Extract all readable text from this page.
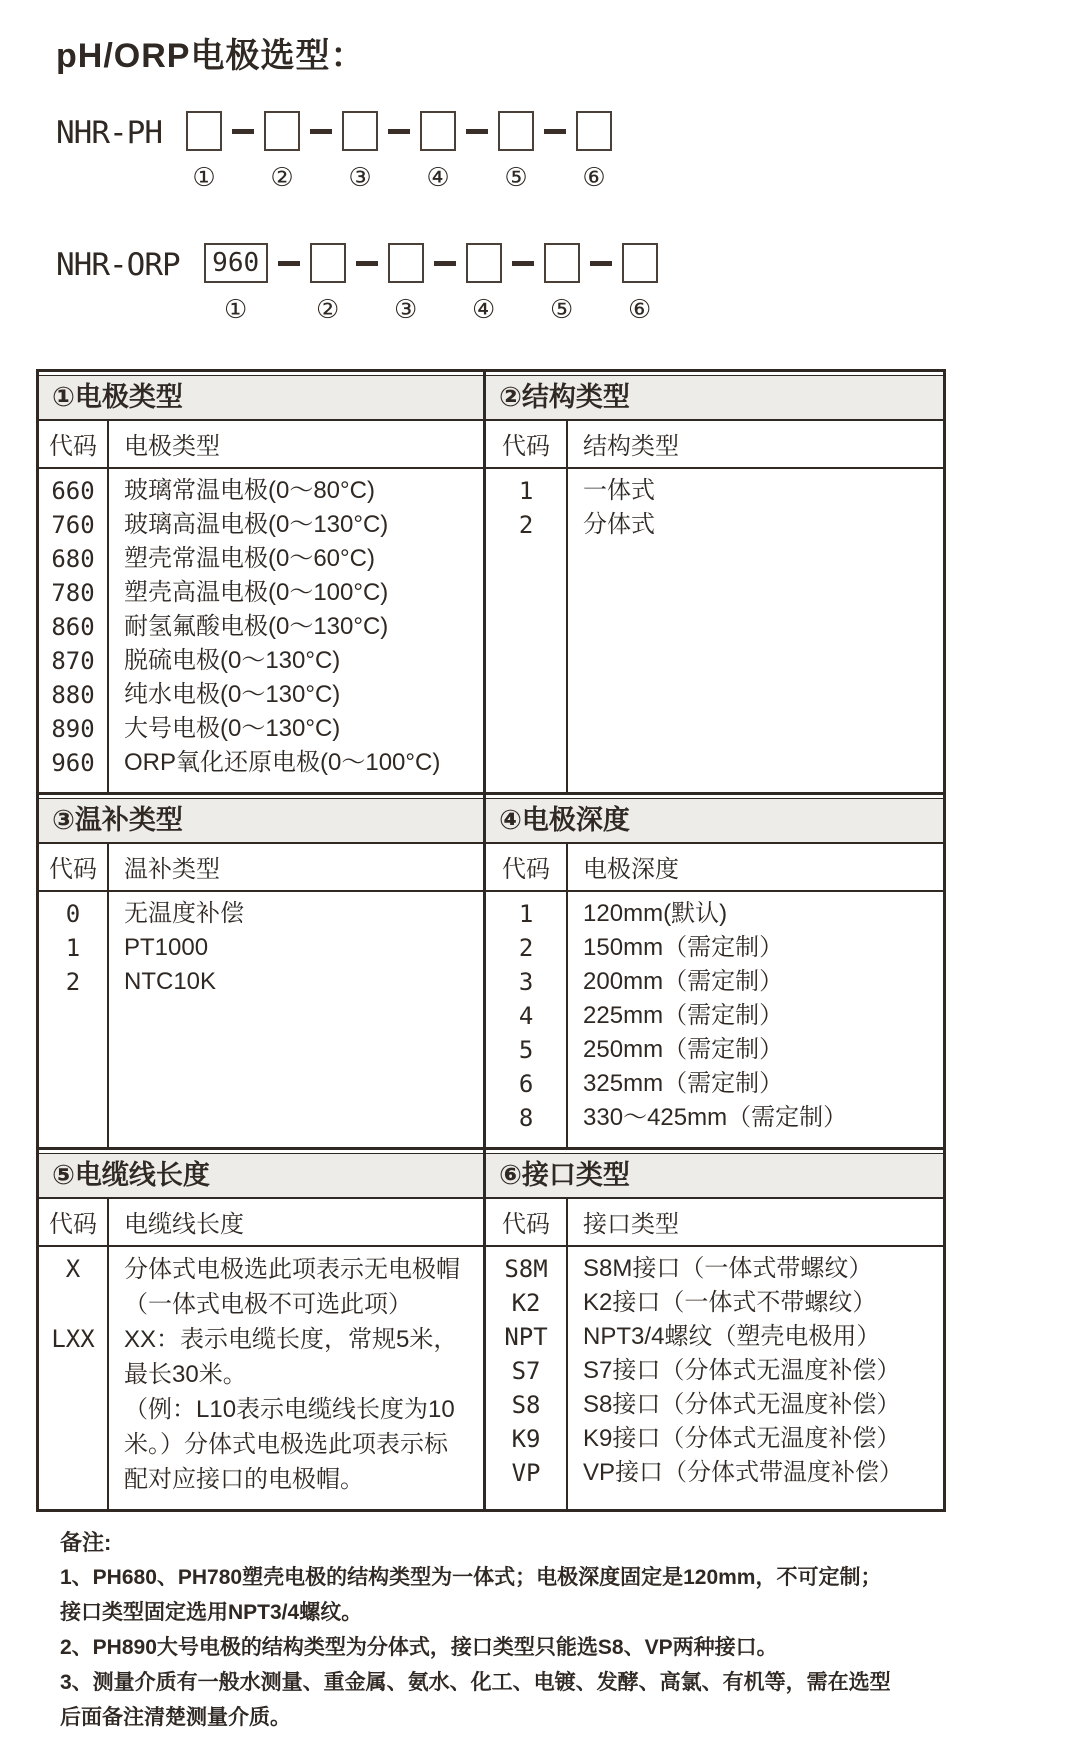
pH/ORP电极选型：
NHR-PH
① ② ③ ④ ⑤ ⑥
NHR-ORP	960
①	② ③ ④ ⑤ ⑥
①电极类型
代码	电极类型
660	玻璃常温电极(0～80°C)
760	玻璃高温电极(0～130°C)
680	塑壳常温电极(0～60°C)
780	塑壳高温电极(0～100°C)
860	耐氢氟酸电极(0～130°C)
870	脱硫电极(0～130°C)
880	纯水电极(0～130°C)
890	大号电极(0～130°C)
960	ORP氧化还原电极(0～100°C)
②结构类型
代码	结构类型
1	一体式
2	分体式
③温补类型
代码	温补类型
0	无温度补偿
1	PT1000
2	NTC10K
④电极深度
代码	电极深度
1	120mm(默认)
2	150mm（需定制）
3	200mm（需定制）
4	225mm（需定制）
5	250mm（需定制）
6	325mm（需定制）
8	330～425mm（需定制）
⑤电缆线长度
代码	电缆线长度
X	分体式电极选此项表示无电极帽
（一体式电极不可选此项）
LXX	XX：表示电缆长度，常规5米，
最长30米。
（例：L10表示电缆线长度为10
米。）分体式电极选此项表示标
配对应接口的电极帽。
⑥接口类型
代码	接口类型
S8M	S8M接口（一体式带螺纹）
K2	K2接口（一体式不带螺纹）
NPT	NPT3/4螺纹（塑壳电极用）
S7	S7接口（分体式无温度补偿）
S8	S8接口（分体式无温度补偿）
K9	K9接口（分体式无温度补偿）
VP	VP接口（分体式带温度补偿）
备注:
1、PH680、PH780塑壳电极的结构类型为一体式；电极深度固定是120mm，不可定制；
接口类型固定选用NPT3/4螺纹。
2、PH890大号电极的结构类型为分体式，接口类型只能选S8、VP两种接口。
3、测量介质有一般水测量、重金属、氨水、化工、电镀、发酵、高氯、有机等，需在选型
后面备注清楚测量介质。
